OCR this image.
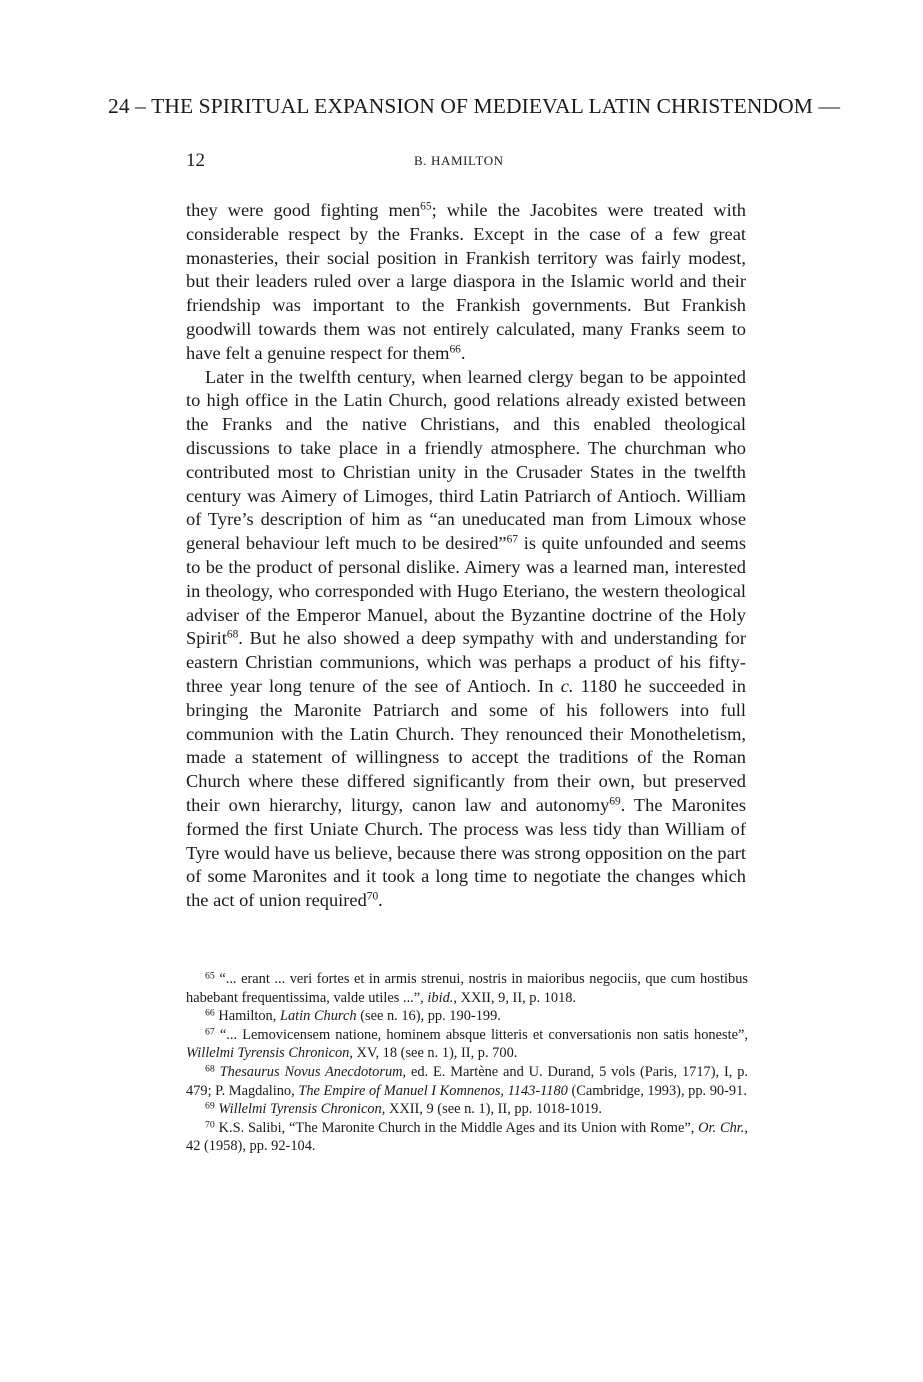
24 – THE SPIRITUAL EXPANSION OF MEDIEVAL LATIN CHRISTENDOM —
12	B. HAMILTON

they were good fighting men$^{65}$; while the Jacobites were treated with considerable respect by the Franks. Except in the case of a few great monasteries, their social position in Frankish territory was fairly modest, but their leaders ruled over a large diaspora in the Islamic world and their friendship was important to the Frankish governments. But Frankish goodwill towards them was not entirely calculated, many Franks seem to have felt a genuine respect for them$^{66}$.

Later in the twelfth century, when learned clergy began to be appointed to high office in the Latin Church, good relations already existed between the Franks and the native Christians, and this enabled theological discussions to take place in a friendly atmosphere. The churchman who contributed most to Christian unity in the Crusader States in the twelfth century was Aimery of Limoges, third Latin Patriarch of Antioch. William of Tyre’s description of him as “an uneducated man from Limoux whose general behaviour left much to be desired”$^{67}$ is quite unfounded and seems to be the product of personal dislike. Aimery was a learned man, interested in theology, who corresponded with Hugo Eteriano, the western theological adviser of the Emperor Manuel, about the Byzantine doctrine of the Holy Spirit$^{68}$. But he also showed a deep sympathy with and understanding for eastern Christian communions, which was perhaps a product of his fifty-three year long tenure of the see of Antioch. In c. 1180 he succeeded in bringing the Maronite Patriarch and some of his followers into full communion with the Latin Church. They renounced their Monotheletism, made a statement of willingness to accept the traditions of the Roman Church where these differed significantly from their own, but preserved their own hierarchy, liturgy, canon law and autonomy$^{69}$. The Maronites formed the first Uniate Church. The process was less tidy than William of Tyre would have us believe, because there was strong opposition on the part of some Maronites and it took a long time to negotiate the changes which the act of union required$^{70}$.

$^{65}$ “... erant ... veri fortes et in armis strenui, nostris in maioribus negociis, que cum hostibus habebant frequentissima, valde utiles ...”, ibid., XXII, 9, II, p. 1018.

$^{66}$ Hamilton, Latin Church (see n. 16), pp. 190-199.

$^{67}$ “... Lemovicensem natione, hominem absque litteris et conversationis non satis honeste”, Willelmi Tyrensis Chronicon, XV, 18 (see n. 1), II, p. 700.

$^{68}$ Thesaurus Novus Anecdotorum, ed. E. Martène and U. Durand, 5 vols (Paris, 1717), I, p. 479; P. Magdalino, The Empire of Manuel I Komnenos, 1143-1180 (Cambridge, 1993), pp. 90-91.

$^{69}$ Willelmi Tyrensis Chronicon, XXII, 9 (see n. 1), II, pp. 1018-1019.

$^{70}$ K.S. Salibi, “The Maronite Church in the Middle Ages and its Union with Rome”, Or. Chr., 42 (1958), pp. 92-104.
